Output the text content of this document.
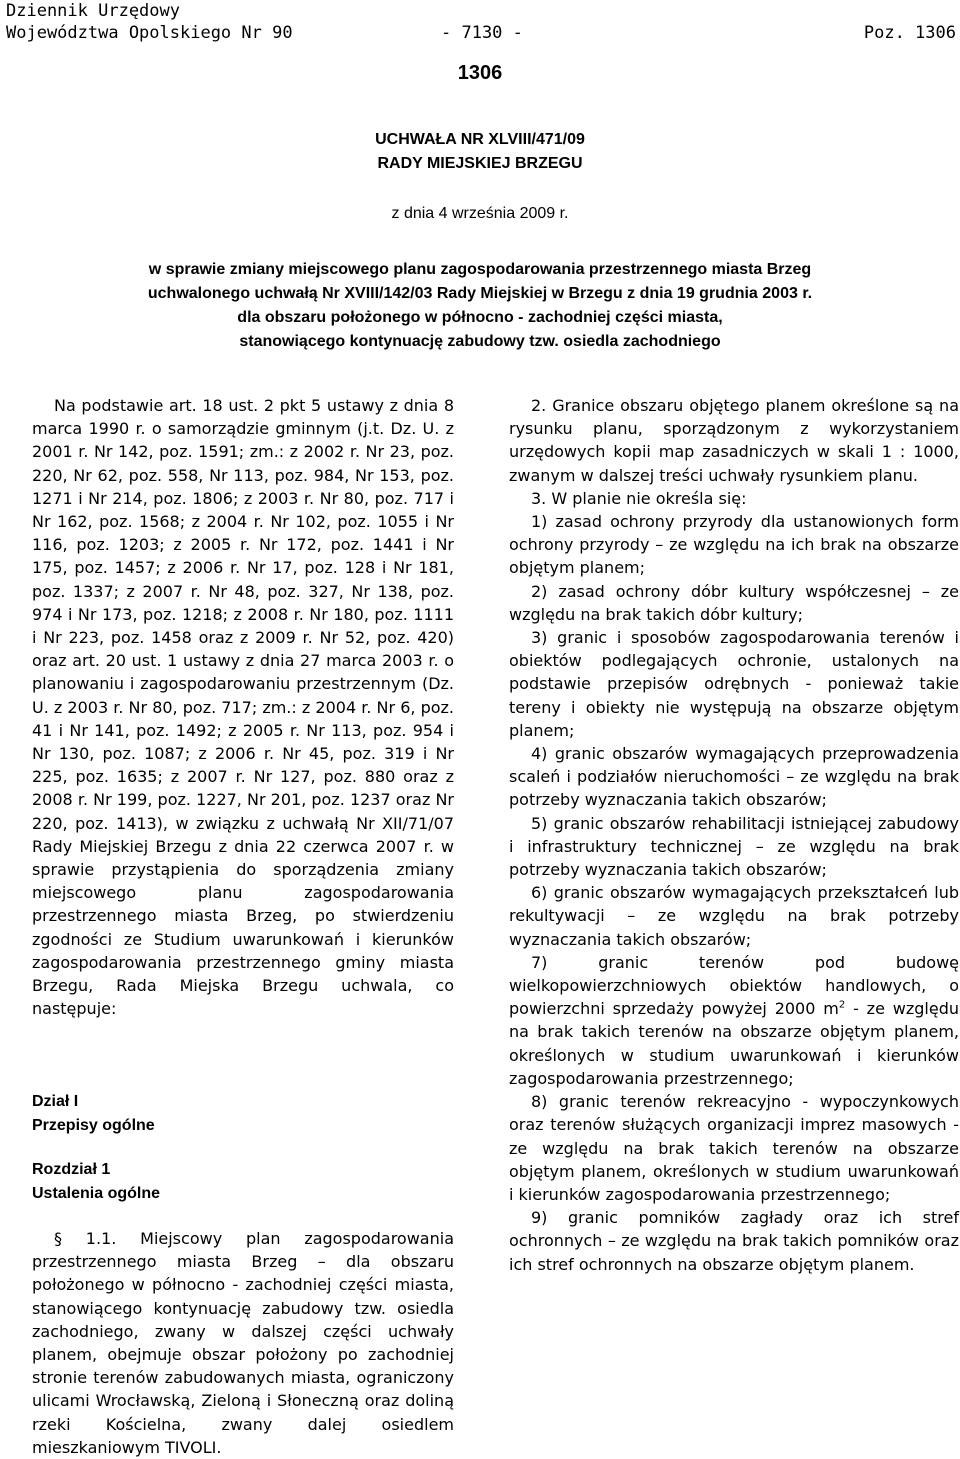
Dziennik Urzędowy
Województwa Opolskiego Nr 90	- 7130 -	Poz. 1306
1306
UCHWAŁA NR XLVIII/471/09
RADY MIEJSKIEJ BRZEGU
z dnia 4 września 2009 r.
w sprawie zmiany miejscowego planu zagospodarowania przestrzennego miasta Brzeg
uchwalonego uchwałą Nr XVIII/142/03 Rady Miejskiej w Brzegu z dnia 19 grudnia 2003 r.
dla obszaru położonego w północno - zachodniej części miasta,
stanowiącego kontynuację zabudowy tzw. osiedla zachodniego

Na podstawie art. 18 ust. 2 pkt 5 ustawy z dnia 8 marca 1990 r. o samorządzie gminnym (j.t. Dz. U. z 2001 r. Nr 142, poz. 1591; zm.: z 2002 r. Nr 23, poz. 220, Nr 62, poz. 558, Nr 113, poz. 984, Nr 153, poz. 1271 i Nr 214, poz. 1806; z 2003 r. Nr 80, poz. 717 i Nr 162, poz. 1568; z 2004 r. Nr 102, poz. 1055 i Nr 116, poz. 1203; z 2005 r. Nr 172, poz. 1441 i Nr 175, poz. 1457; z 2006 r. Nr 17, poz. 128 i Nr 181, poz. 1337; z 2007 r. Nr 48, poz. 327, Nr 138, poz. 974 i Nr 173, poz. 1218; z 2008 r. Nr 180, poz. 1111 i Nr 223, poz. 1458 oraz z 2009 r. Nr 52, poz. 420) oraz art. 20 ust. 1 ustawy z dnia 27 marca 2003 r. o planowaniu i zagospodarowaniu przestrzennym (Dz. U. z 2003 r. Nr 80, poz. 717; zm.: z 2004 r. Nr 6, poz. 41 i Nr 141, poz. 1492; z 2005 r. Nr 113, poz. 954 i Nr 130, poz. 1087; z 2006 r. Nr 45, poz. 319 i Nr 225, poz. 1635; z 2007 r. Nr 127, poz. 880 oraz z 2008 r. Nr 199, poz. 1227, Nr 201, poz. 1237 oraz Nr 220, poz. 1413), w związku z uchwałą Nr XII/71/07 Rady Miejskiej Brzegu z dnia 22 czerwca 2007 r. w sprawie przystąpienia do sporządzenia zmiany miejscowego planu zagospodarowania przestrzennego miasta Brzeg, po stwierdzeniu zgodności ze Studium uwarunkowań i kierunków zagospodarowania przestrzennego gminy miasta Brzegu, Rada Miejska Brzegu uchwala, co następuje:

Dział I
Przepisy ogólne
Rozdział 1
Ustalenia ogólne

§ 1.1. Miejscowy plan zagospodarowania przestrzennego miasta Brzeg – dla obszaru położonego w północno - zachodniej części miasta, stanowiącego kontynuację zabudowy tzw. osiedla zachodniego, zwany w dalszej części uchwały planem, obejmuje obszar położony po zachodniej stronie terenów zabudowanych miasta, ograniczony ulicami Wrocławską, Zieloną i Słoneczną oraz doliną rzeki Kościelna, zwany dalej osiedlem mieszkaniowym TIVOLI.

2. Granice obszaru objętego planem określone są na rysunku planu, sporządzonym z wykorzystaniem urzędowych kopii map zasadniczych w skali 1 : 1000, zwanym w dalszej treści uchwały rysunkiem planu.

3. W planie nie określa się:

1) zasad ochrony przyrody dla ustanowionych form ochrony przyrody – ze względu na ich brak na obszarze objętym planem;

2) zasad ochrony dóbr kultury współczesnej – ze względu na brak takich dóbr kultury;

3) granic i sposobów zagospodarowania terenów i obiektów podlegających ochronie, ustalonych na podstawie przepisów odrębnych - ponieważ takie tereny i obiekty nie występują na obszarze objętym planem;

4) granic obszarów wymagających przeprowadzenia scaleń i podziałów nieruchomości – ze względu na brak potrzeby wyznaczania takich obszarów;

5) granic obszarów rehabilitacji istniejącej zabudowy i infrastruktury technicznej – ze względu na brak potrzeby wyznaczania takich obszarów;

6) granic obszarów wymagających przekształceń lub rekultywacji – ze względu na brak potrzeby wyznaczania takich obszarów;

7) granic terenów pod budowę wielkopowierzchniowych obiektów handlowych, o powierzchni sprzedaży powyżej 2000 $m^2$ - ze względu na brak takich terenów na obszarze objętym planem, określonych w studium uwarunkowań i kierunków zagospodarowania przestrzennego;

8) granic terenów rekreacyjno - wypoczynkowych oraz terenów służących organizacji imprez masowych - ze względu na brak takich terenów na obszarze objętym planem, określonych w studium uwarunkowań i kierunków zagospodarowania przestrzennego;

9) granic pomników zagłady oraz ich stref ochronnych – ze względu na brak takich pomników oraz ich stref ochronnych na obszarze objętym planem.
